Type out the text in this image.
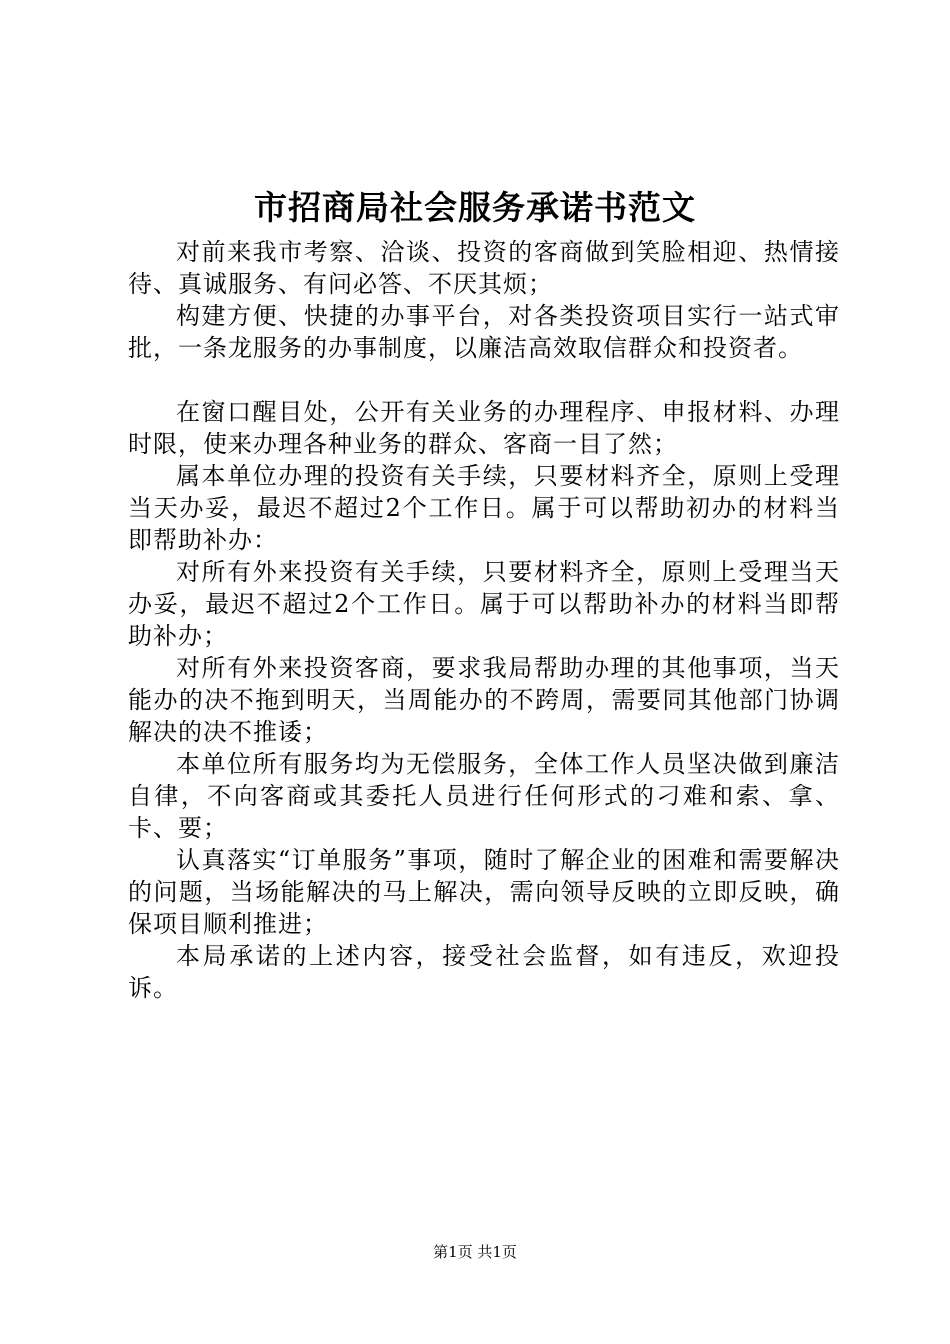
市招商局社会服务承诺书范文

对前来我市考察、洽谈、投资的客商做到笑脸相迎、热情接待、真诚服务、有问必答、不厌其烦；

构建方便、快捷的办事平台，对各类投资项目实行一站式审批，一条龙服务的办事制度，以廉洁高效取信群众和投资者。

在窗口醒目处，公开有关业务的办理程序、申报材料、办理时限，使来办理各种业务的群众、客商一目了然；

属本单位办理的投资有关手续，只要材料齐全，原则上受理当天办妥，最迟不超过2个工作日。属于可以帮助初办的材料当即帮助补办：

对所有外来投资有关手续，只要材料齐全，原则上受理当天办妥，最迟不超过2个工作日。属于可以帮助补办的材料当即帮助补办；

对所有外来投资客商，要求我局帮助办理的其他事项，当天能办的决不拖到明天，当周能办的不跨周，需要同其他部门协调解决的决不推诿；

本单位所有服务均为无偿服务，全体工作人员坚决做到廉洁自律，不向客商或其委托人员进行任何形式的刁难和索、拿、卡、要；

认真落实“订单服务”事项，随时了解企业的困难和需要解决的问题，当场能解决的马上解决，需向领导反映的立即反映，确保项目顺利推进；

本局承诺的上述内容，接受社会监督，如有违反，欢迎投诉。

第1页 共1页
